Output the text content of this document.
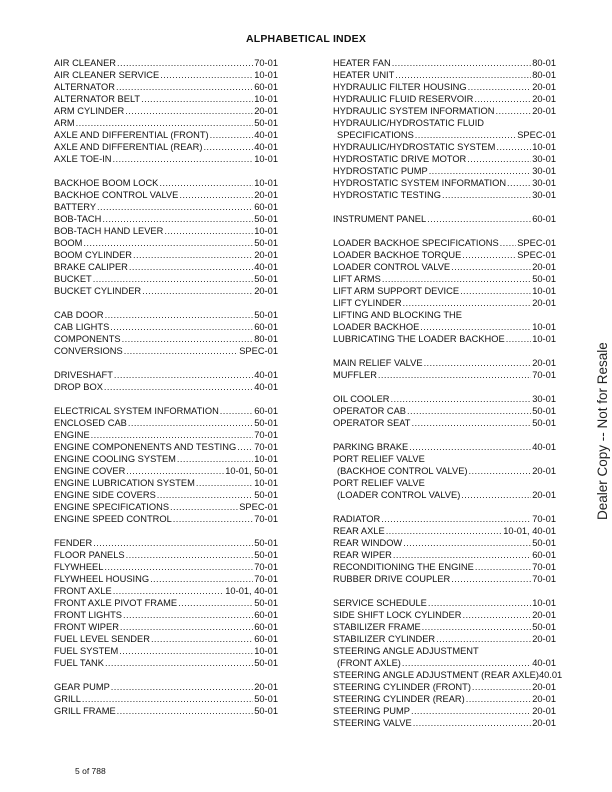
ALPHABETICAL INDEX
AIR CLEANER .....	70-01
AIR CLEANER SERVICE .....	10-01
ALTERNATOR .....	60-01
ALTERNATOR BELT .....	10-01
ARM CYLINDER .....	20-01
ARM .....	50-01
AXLE AND DIFFERENTIAL (FRONT) .....	40-01
AXLE AND DIFFERENTIAL (REAR) .....	40-01
AXLE TOE-IN .....	10-01
BACKHOE BOOM LOCK .....	10-01
BACKHOE CONTROL VALVE .....	20-01
BATTERY .....	60-01
BOB-TACH .....	50-01
BOB-TACH HAND LEVER .....	10-01
BOOM .....	50-01
BOOM CYLINDER .....	20-01
BRAKE CALIPER .....	40-01
BUCKET .....	50-01
BUCKET CYLINDER .....	20-01
CAB DOOR .....	50-01
CAB LIGHTS .....	60-01
COMPONENTS .....	80-01
CONVERSIONS .....	SPEC-01
DRIVESHAFT .....	40-01
DROP BOX .....	40-01
ELECTRICAL SYSTEM INFORMATION .....	60-01
ENCLOSED CAB .....	50-01
ENGINE .....	70-01
ENGINE COMPONENENTS AND TESTING ..... 70-01
ENGINE COOLING SYSTEM .....	10-01
ENGINE COVER .....	10-01, 50-01
ENGINE LUBRICATION SYSTEM .....	10-01
ENGINE SIDE COVERS .....	50-01
ENGINE SPECIFICATIONS .....	SPEC-01
ENGINE SPEED CONTROL .....	70-01
FENDER .....	50-01
FLOOR PANELS .....	50-01
FLYWHEEL .....	70-01
FLYWHEEL HOUSING .....	70-01
FRONT AXLE .....	10-01, 40-01
FRONT AXLE PIVOT FRAME .....	50-01
FRONT LIGHTS .....	60-01
FRONT WIPER .....	60-01
FUEL LEVEL SENDER .....	60-01
FUEL SYSTEM .....	10-01
FUEL TANK .....	50-01
GEAR PUMP .....	20-01
GRILL .....	50-01
GRILL FRAME .....	50-01
HEATER FAN .....	80-01
HEATER UNIT .....	80-01
HYDRAULIC FILTER HOUSING .....	20-01
HYDRAULIC FLUID RESERVOIR .....	20-01
HYDRAULIC SYSTEM INFORMATION .....	20-01
HYDRAULIC/HYDROSTATIC FLUID
SPECIFICATIONS .....	SPEC-01
HYDRAULIC/HYDROSTATIC SYSTEM .....	10-01
HYDROSTATIC DRIVE MOTOR .....	30-01
HYDROSTATIC PUMP .....	30-01
HYDROSTATIC SYSTEM INFORMATION .....	30-01
HYDROSTATIC TESTING .....	30-01
INSTRUMENT PANEL .....	60-01
LOADER BACKHOE SPECIFICATIONS ..... SPEC-01
LOADER BACKHOE TORQUE .....	SPEC-01
LOADER CONTROL VALVE .....	20-01
LIFT ARMS .....	50-01
LIFT ARM SUPPORT DEVICE .....	10-01
LIFT CYLINDER .....	20-01
LIFTING AND BLOCKING THE
LOADER BACKHOE .....	10-01
LUBRICATING THE LOADER BACKHOE .....	10-01
MAIN RELIEF VALVE .....	20-01
MUFFLER .....	70-01
OIL COOLER .....	30-01
OPERATOR CAB .....	50-01
OPERATOR SEAT .....	50-01
PARKING BRAKE .....	40-01
PORT RELIEF VALVE
(BACKHOE CONTROL VALVE) .....	20-01
PORT RELIEF VALVE
(LOADER CONTROL VALVE) .....	20-01
RADIATOR .....	70-01
REAR AXLE .....	10-01, 40-01
REAR WINDOW .....	50-01
REAR WIPER .....	60-01
RECONDITIONING THE ENGINE .....	70-01
RUBBER DRIVE COUPLER .....	70-01
SERVICE SCHEDULE .....	10-01
SIDE SHIFT LOCK CYLINDER .....	20-01
STABILIZER FRAME .....	50-01
STABILIZER CYLINDER .....	20-01
STEERING ANGLE ADJUSTMENT
(FRONT AXLE) .....	40-01
STEERING ANGLE ADJUSTMENT (REAR AXLE)40.01
STEERING CYLINDER (FRONT) .....	20-01
STEERING CYLINDER (REAR) .....	20-01
STEERING PUMP .....	20-01
STEERING VALVE .....	20-01
5 of 788
Dealer Copy -- Not for Resale
